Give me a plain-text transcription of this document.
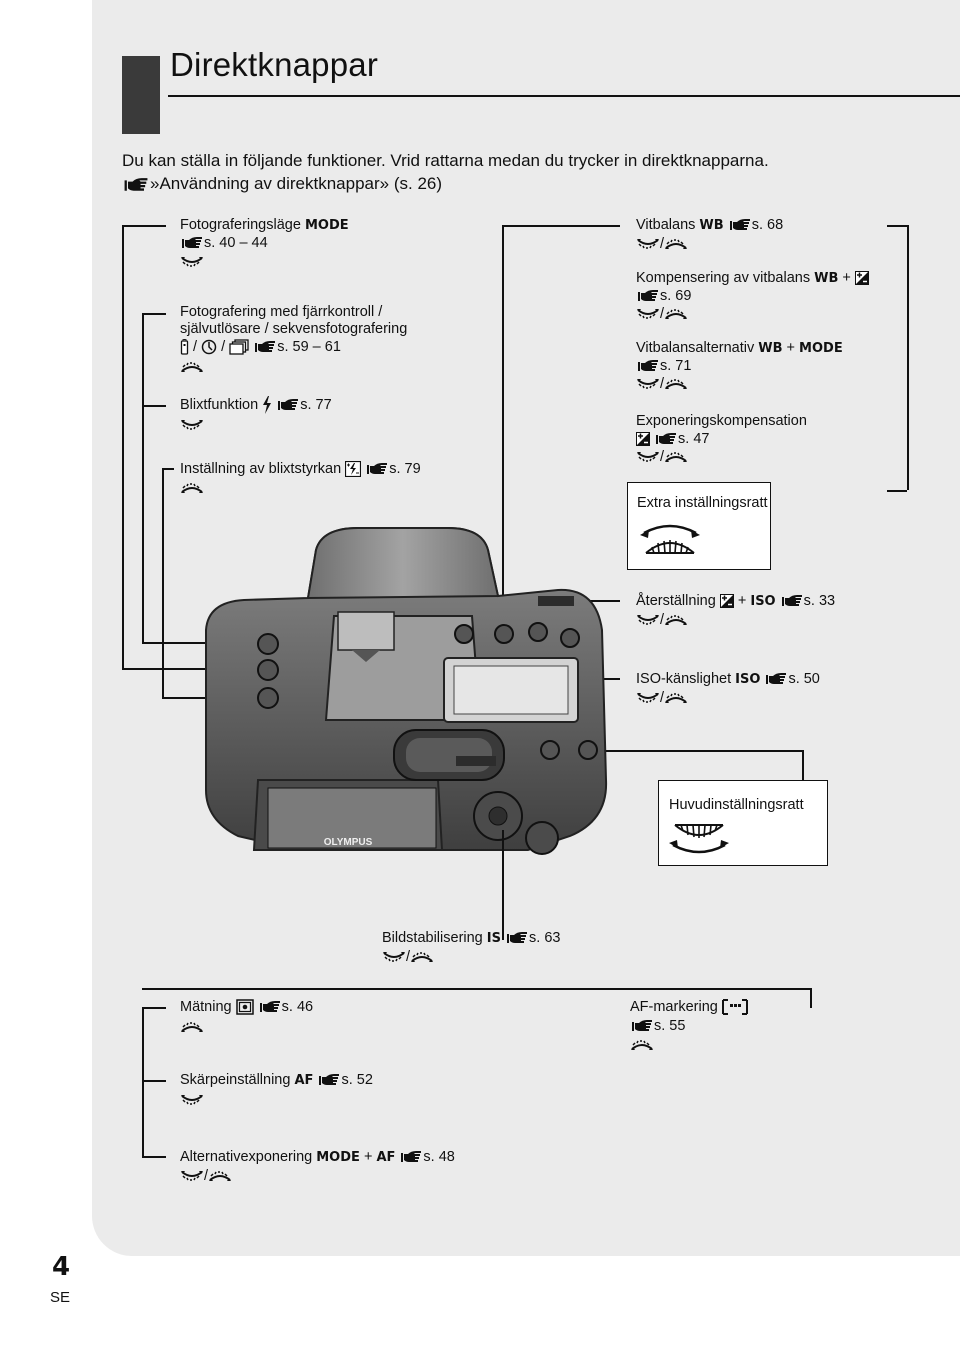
Direktknappar
Du kan ställa in följande funktioner. Vrid rattarna medan du trycker in direktknapparna.
»Användning av direktknappar» (s. 26)
Fotograferingsläge MODE
s. 40 – 44
Fotografering med fjärrkontroll /
självutlösare / sekvensfotografering
/ /	s. 59 – 61
Blixtfunktion	s. 77
Inställning av blixtstyrkan	s. 79
Vitbalans WB s. 68
/
Kompensering av vitbalans WB +
s. 69
/
Vitbalansalternativ WB + MODE
s. 71
/
Exponeringskompensation
s. 47
/
Extra inställningsratt
Återställning + ISO s. 33
/
ISO-känslighet ISO s. 50
/
Huvudinställningsratt
OLYMPUS
Bildstabilisering IS s. 63
/
Mätning	s. 46	AF-markering
s. 55
Skärpeinställning AF s. 52
Alternativexponering MODE + AF s. 48
/
4
SE
